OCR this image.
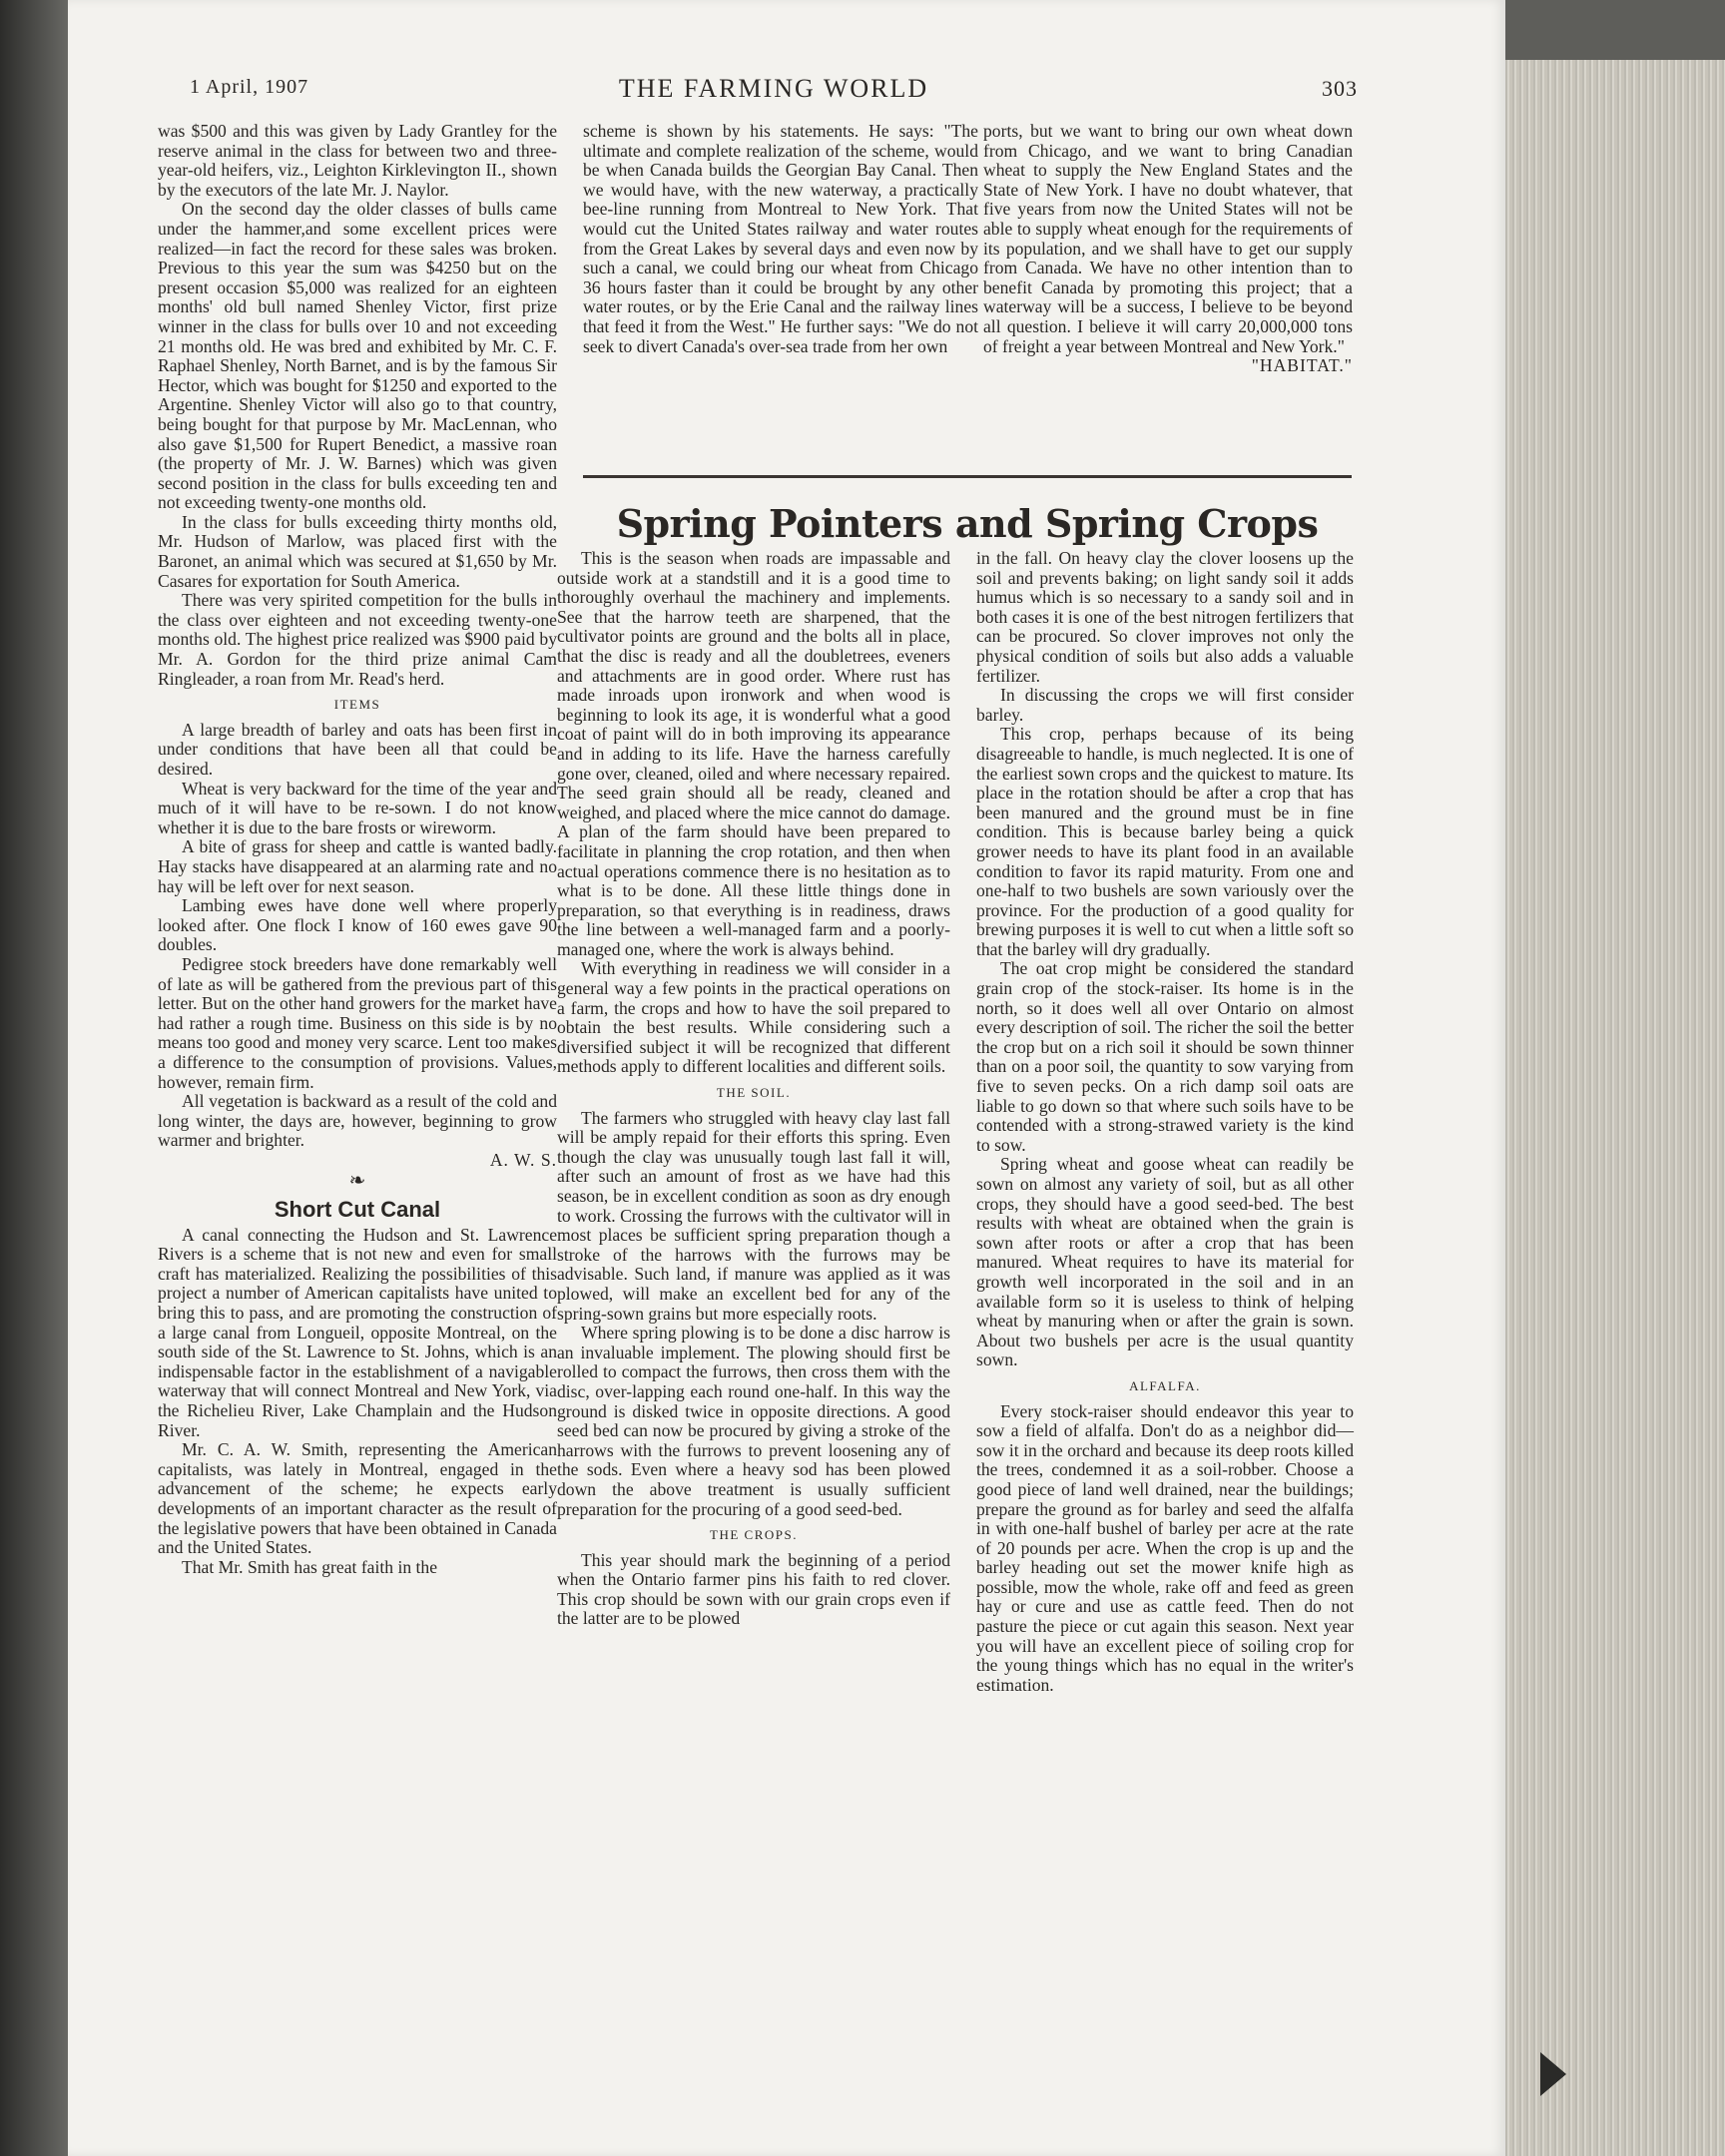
1 April, 1907	THE FARMING WORLD	303

was $500 and this was given by Lady Grantley for the reserve animal in the class for between two and three-year-old heifers, viz., Leighton Kirklevington II., shown by the executors of the late Mr. J. Naylor.

On the second day the older classes of bulls came under the hammer,and some excellent prices were realized—in fact the record for these sales was broken. Previous to this year the sum was $4250 but on the present occasion $5,000 was realized for an eighteen months' old bull named Shenley Victor, first prize winner in the class for bulls over 10 and not exceeding 21 months old. He was bred and exhibited by Mr. C. F. Raphael Shenley, North Barnet, and is by the famous Sir Hector, which was bought for $1250 and exported to the Argentine. Shenley Victor will also go to that country, being bought for that purpose by Mr. MacLennan, who also gave $1,500 for Rupert Benedict, a massive roan (the property of Mr. J. W. Barnes) which was given second position in the class for bulls exceeding ten and not exceeding twenty-one months old.

In the class for bulls exceeding thirty months old, Mr. Hudson of Marlow, was placed first with the Baronet, an animal which was secured at $1,650 by Mr. Casares for exportation for South America.

There was very spirited competition for the bulls in the class over eighteen and not exceeding twenty-one months old. The highest price realized was $900 paid by Mr. A. Gordon for the third prize animal Cam Ringleader, a roan from Mr. Read's herd.

ITEMS

A large breadth of barley and oats has been first in under conditions that have been all that could be desired.

Wheat is very backward for the time of the year and much of it will have to be re-sown. I do not know whether it is due to the bare frosts or wireworm.

A bite of grass for sheep and cattle is wanted badly. Hay stacks have disappeared at an alarming rate and no hay will be left over for next season.

Lambing ewes have done well where properly looked after. One flock I know of 160 ewes gave 90 doubles.

Pedigree stock breeders have done remarkably well of late as will be gathered from the previous part of this letter. But on the other hand growers for the market have had rather a rough time. Business on this side is by no means too good and money very scarce. Lent too makes a difference to the consumption of provisions. Values, however, remain firm.

All vegetation is backward as a result of the cold and long winter, the days are, however, beginning to grow warmer and brighter.

A. W. S.

❧
Short Cut Canal

A canal connecting the Hudson and St. Lawrence Rivers is a scheme that is not new and even for small craft has materialized. Realizing the possibilities of this project a number of American capitalists have united to bring this to pass, and are promoting the construction of a large canal from Longueil, opposite Montreal, on the south side of the St. Lawrence to St. Johns, which is an indispensable factor in the establishment of a navigable waterway that will connect Montreal and New York, via the Richelieu River, Lake Champlain and the Hudson River.

Mr. C. A. W. Smith, representing the American capitalists, was lately in Montreal, engaged in the advancement of the scheme; he expects early developments of an important character as the result of the legislative powers that have been obtained in Canada and the United States.

That Mr. Smith has great faith in the

scheme is shown by his statements. He says: "The ultimate and complete realization of the scheme, would be when Canada builds the Georgian Bay Canal. Then we would have, with the new waterway, a practically bee-line running from Montreal to New York. That would cut the United States railway and water routes from the Great Lakes by several days and even now by such a canal, we could bring our wheat from Chicago 36 hours faster than it could be brought by any other water routes, or by the Erie Canal and the railway lines that feed it from the West." He further says: "We do not seek to divert Canada's over-sea trade from her own

ports, but we want to bring our own wheat down from Chicago, and we want to bring Canadian wheat to supply the New England States and the State of New York. I have no doubt whatever, that five years from now the United States will not be able to supply wheat enough for the requirements of its population, and we shall have to get our supply from Canada. We have no other intention than to benefit Canada by promoting this project; that a waterway will be a success, I believe to be beyond all question. I believe it will carry 20,000,000 tons of freight a year between Montreal and New York."

"HABITAT."

Spring Pointers and Spring Crops

This is the season when roads are impassable and outside work at a standstill and it is a good time to thoroughly overhaul the machinery and implements. See that the harrow teeth are sharpened, that the cultivator points are ground and the bolts all in place, that the disc is ready and all the doubletrees, eveners and attachments are in good order. Where rust has made inroads upon ironwork and when wood is beginning to look its age, it is wonderful what a good coat of paint will do in both improving its appearance and in adding to its life. Have the harness carefully gone over, cleaned, oiled and where necessary repaired. The seed grain should all be ready, cleaned and weighed, and placed where the mice cannot do damage. A plan of the farm should have been prepared to facilitate in planning the crop rotation, and then when actual operations commence there is no hesitation as to what is to be done. All these little things done in preparation, so that everything is in readiness, draws the line between a well-managed farm and a poorly-managed one, where the work is always behind.

With everything in readiness we will consider in a general way a few points in the practical operations on a farm, the crops and how to have the soil prepared to obtain the best results. While considering such a diversified subject it will be recognized that different methods apply to different localities and different soils.

THE SOIL.

The farmers who struggled with heavy clay last fall will be amply repaid for their efforts this spring. Even though the clay was unusually tough last fall it will, after such an amount of frost as we have had this season, be in excellent condition as soon as dry enough to work. Crossing the furrows with the cultivator will in most places be sufficient spring preparation though a stroke of the harrows with the furrows may be advisable. Such land, if manure was applied as it was plowed, will make an excellent bed for any of the spring-sown grains but more especially roots.

Where spring plowing is to be done a disc harrow is an invaluable implement. The plowing should first be rolled to compact the furrows, then cross them with the disc, over-lapping each round one-half. In this way the ground is disked twice in opposite directions. A good seed bed can now be procured by giving a stroke of the harrows with the furrows to prevent loosening any of the sods. Even where a heavy sod has been plowed down the above treatment is usually sufficient preparation for the procuring of a good seed-bed.

THE CROPS.

This year should mark the beginning of a period when the Ontario farmer pins his faith to red clover. This crop should be sown with our grain crops even if the latter are to be plowed

in the fall. On heavy clay the clover loosens up the soil and prevents baking; on light sandy soil it adds humus which is so necessary to a sandy soil and in both cases it is one of the best nitrogen fertilizers that can be procured. So clover improves not only the physical condition of soils but also adds a valuable fertilizer.

In discussing the crops we will first consider barley.

This crop, perhaps because of its being disagreeable to handle, is much neglected. It is one of the earliest sown crops and the quickest to mature. Its place in the rotation should be after a crop that has been manured and the ground must be in fine condition. This is because barley being a quick grower needs to have its plant food in an available condition to favor its rapid maturity. From one and one-half to two bushels are sown variously over the province. For the production of a good quality for brewing purposes it is well to cut when a little soft so that the barley will dry gradually.

The oat crop might be considered the standard grain crop of the stock-raiser. Its home is in the north, so it does well all over Ontario on almost every description of soil. The richer the soil the better the crop but on a rich soil it should be sown thinner than on a poor soil, the quantity to sow varying from five to seven pecks. On a rich damp soil oats are liable to go down so that where such soils have to be contended with a strong-strawed variety is the kind to sow.

Spring wheat and goose wheat can readily be sown on almost any variety of soil, but as all other crops, they should have a good seed-bed. The best results with wheat are obtained when the grain is sown after roots or after a crop that has been manured. Wheat requires to have its material for growth well incorporated in the soil and in an available form so it is useless to think of helping wheat by manuring when or after the grain is sown. About two bushels per acre is the usual quantity sown.

ALFALFA.

Every stock-raiser should endeavor this year to sow a field of alfalfa. Don't do as a neighbor did—sow it in the orchard and because its deep roots killed the trees, condemned it as a soil-robber. Choose a good piece of land well drained, near the buildings; prepare the ground as for barley and seed the alfalfa in with one-half bushel of barley per acre at the rate of 20 pounds per acre. When the crop is up and the barley heading out set the mower knife high as possible, mow the whole, rake off and feed as green hay or cure and use as cattle feed. Then do not pasture the piece or cut again this season. Next year you will have an excellent piece of soiling crop for the young things which has no equal in the writer's estimation.
